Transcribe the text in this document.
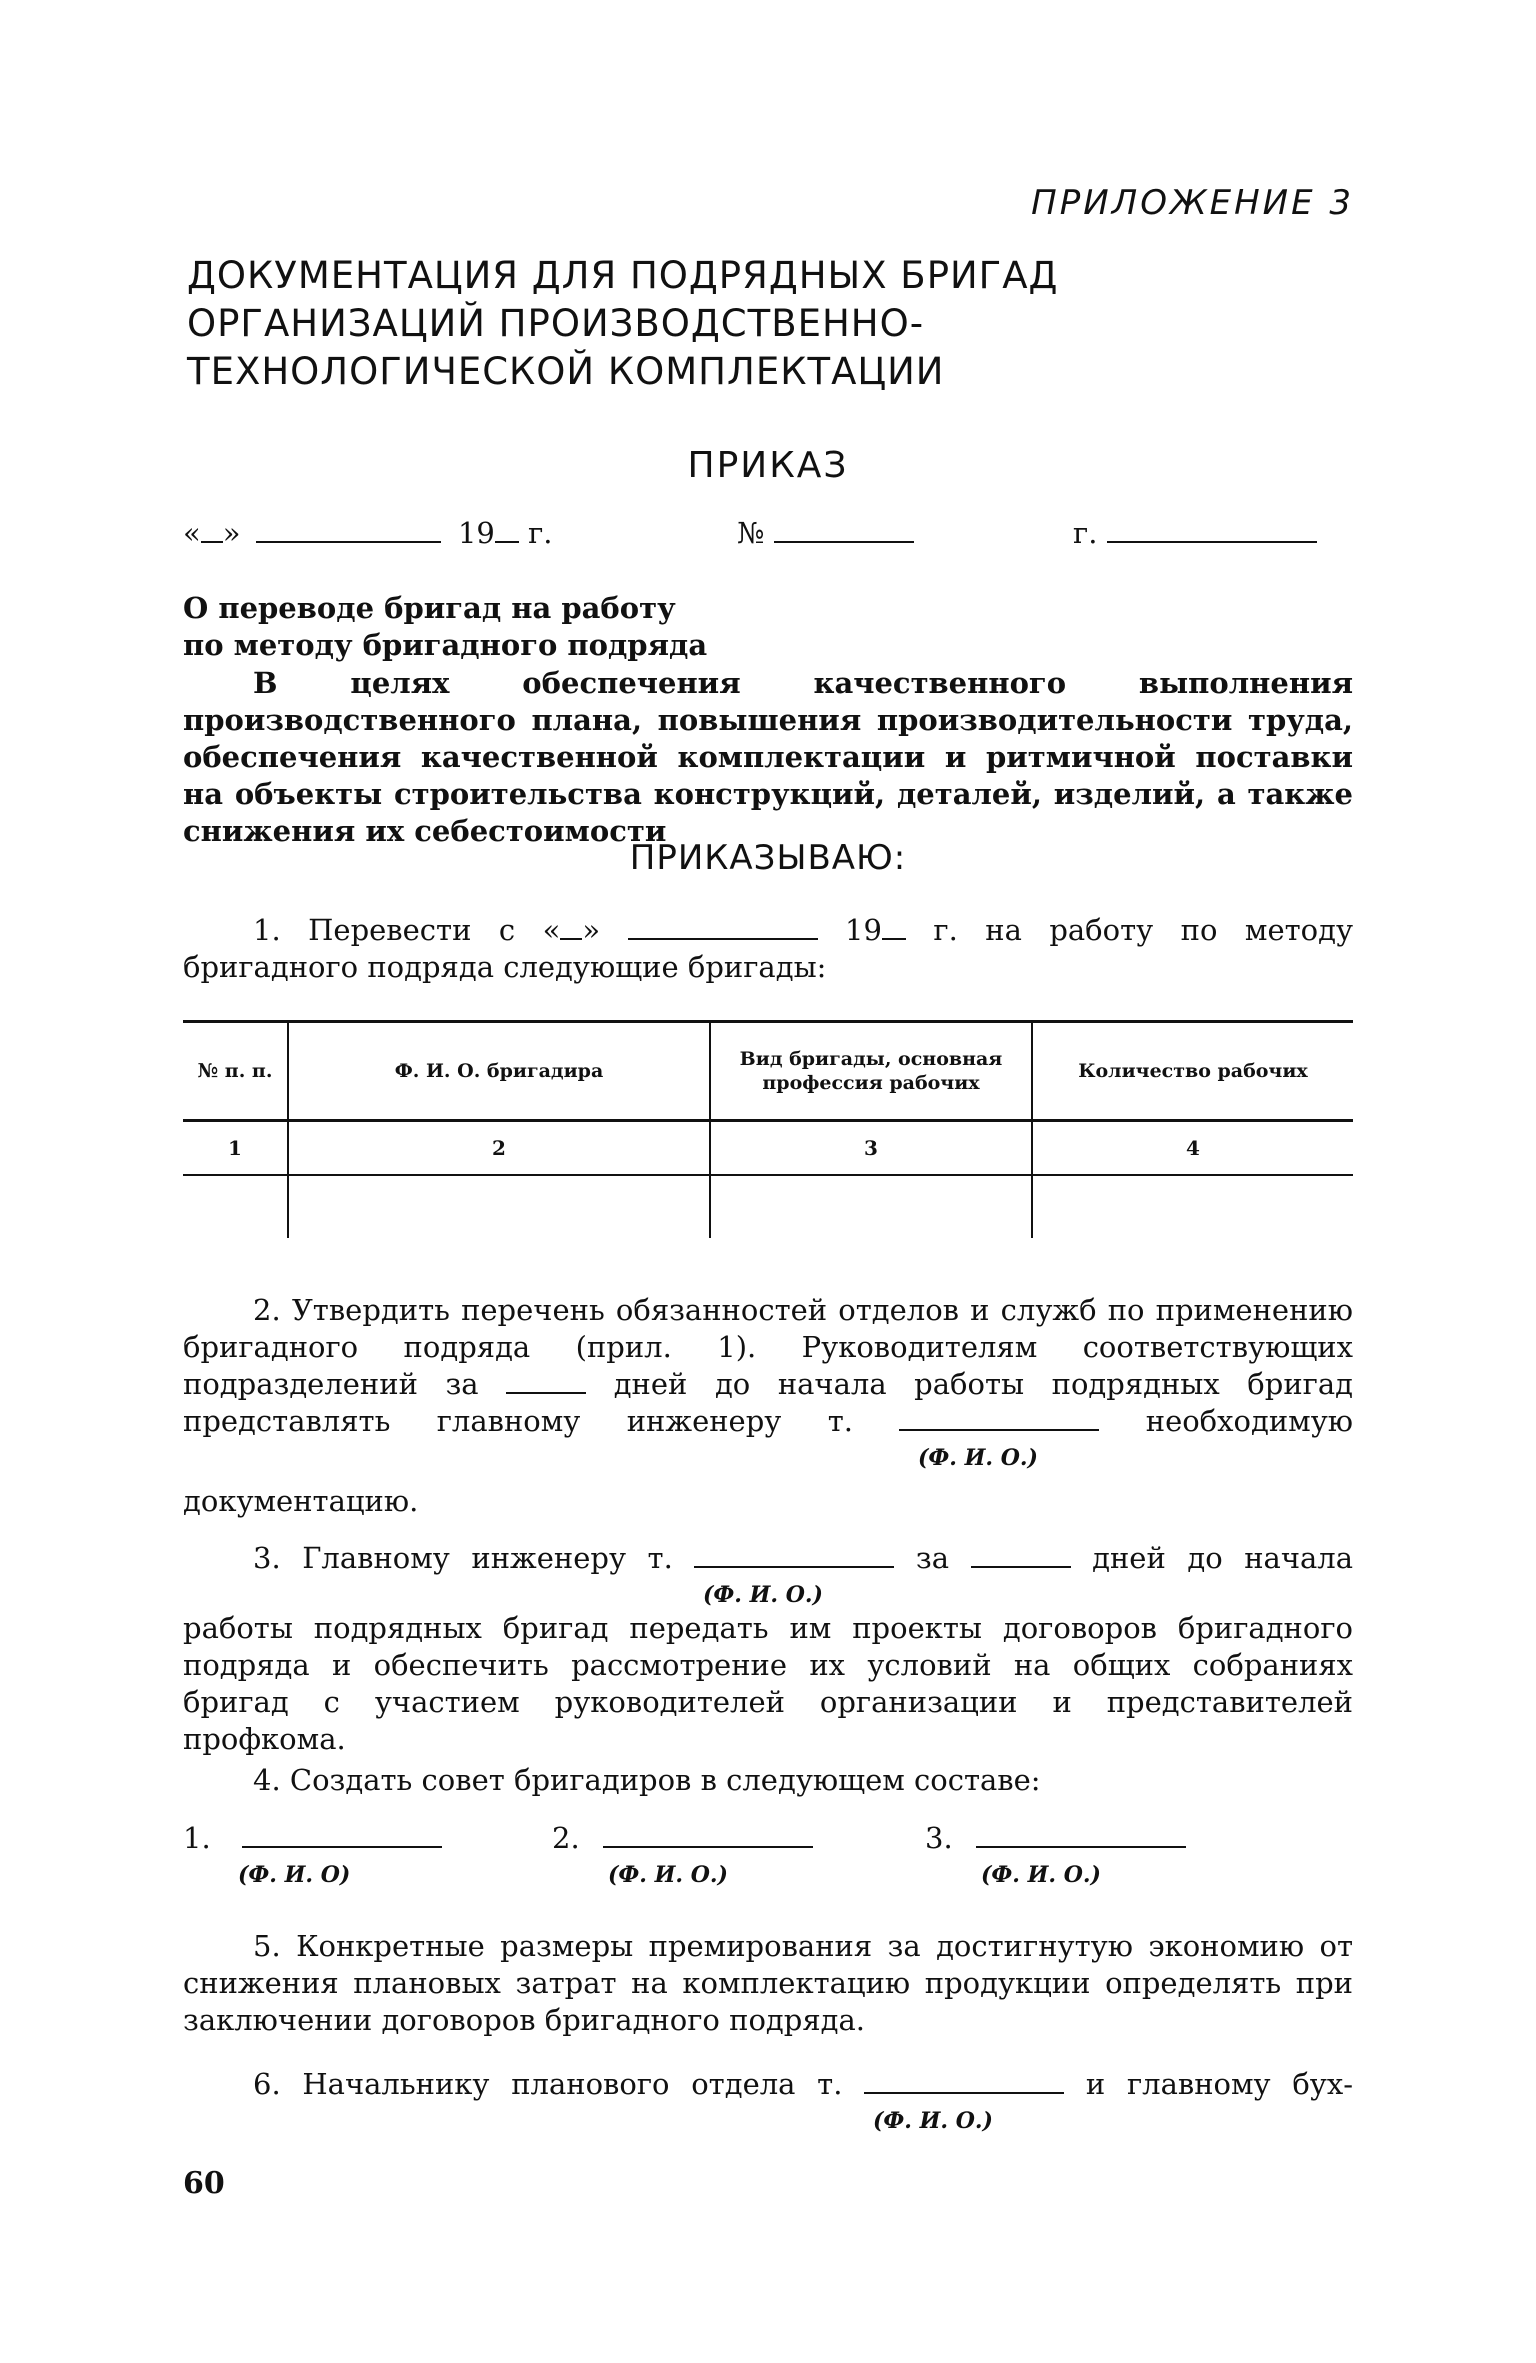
ПРИЛОЖЕНИЕ 3
ДОКУМЕНТАЦИЯ ДЛЯ ПОДРЯДНЫХ БРИГАД
ОРГАНИЗАЦИЙ ПРОИЗВОДСТВЕННО-
ТЕХНОЛОГИЧЕСКОЙ КОМПЛЕКТАЦИИ
ПРИКАЗ
« »	19 г.	№	г.
О переводе бригад на работу
по методу бригадного подряда
В целях обеспечения качественного выполнения производственного плана, повышения производительности труда, обеспечения качественной комплектации и ритмичной поставки на объекты строительства конструкций, деталей, изделий, а также снижения их себестоимости
ПРИКАЗЫВАЮ:
1. Перевести с « »	19 г. на работу по методу
бригадного подряда следующие бригады:
№ п. п.	Ф. И. О. бригадира	Вид бригады, основная профессия рабочих	Количество рабочих
1	2	3	4

2. Утвердить перечень обязанностей отделов и служб по применению бригадного подряда (прил. 1). Руководителям соответствующих подразделений за	дней до начала работы подрядных бригад представлять главному инженеру т.	необходимую
(Ф. И. О.)
документацию.
3. Главному инженеру т.	за	дней до начала
(Ф. И. О.)
работы подрядных бригад передать им проекты договоров бригадного подряда и обеспечить рассмотрение их условий на общих собраниях бригад с участием руководителей организации и представителей профкома.
4. Создать совет бригадиров в следующем составе:
1.
(Ф. И. О)
2.
(Ф. И. О.)
3.
(Ф. И. О.)
5. Конкретные размеры премирования за достигнутую экономию от снижения плановых затрат на комплектацию продукции определять при заключении договоров бригадного подряда.
6. Начальнику планового отдела т.	и главному бух-
(Ф. И. О.)
60
